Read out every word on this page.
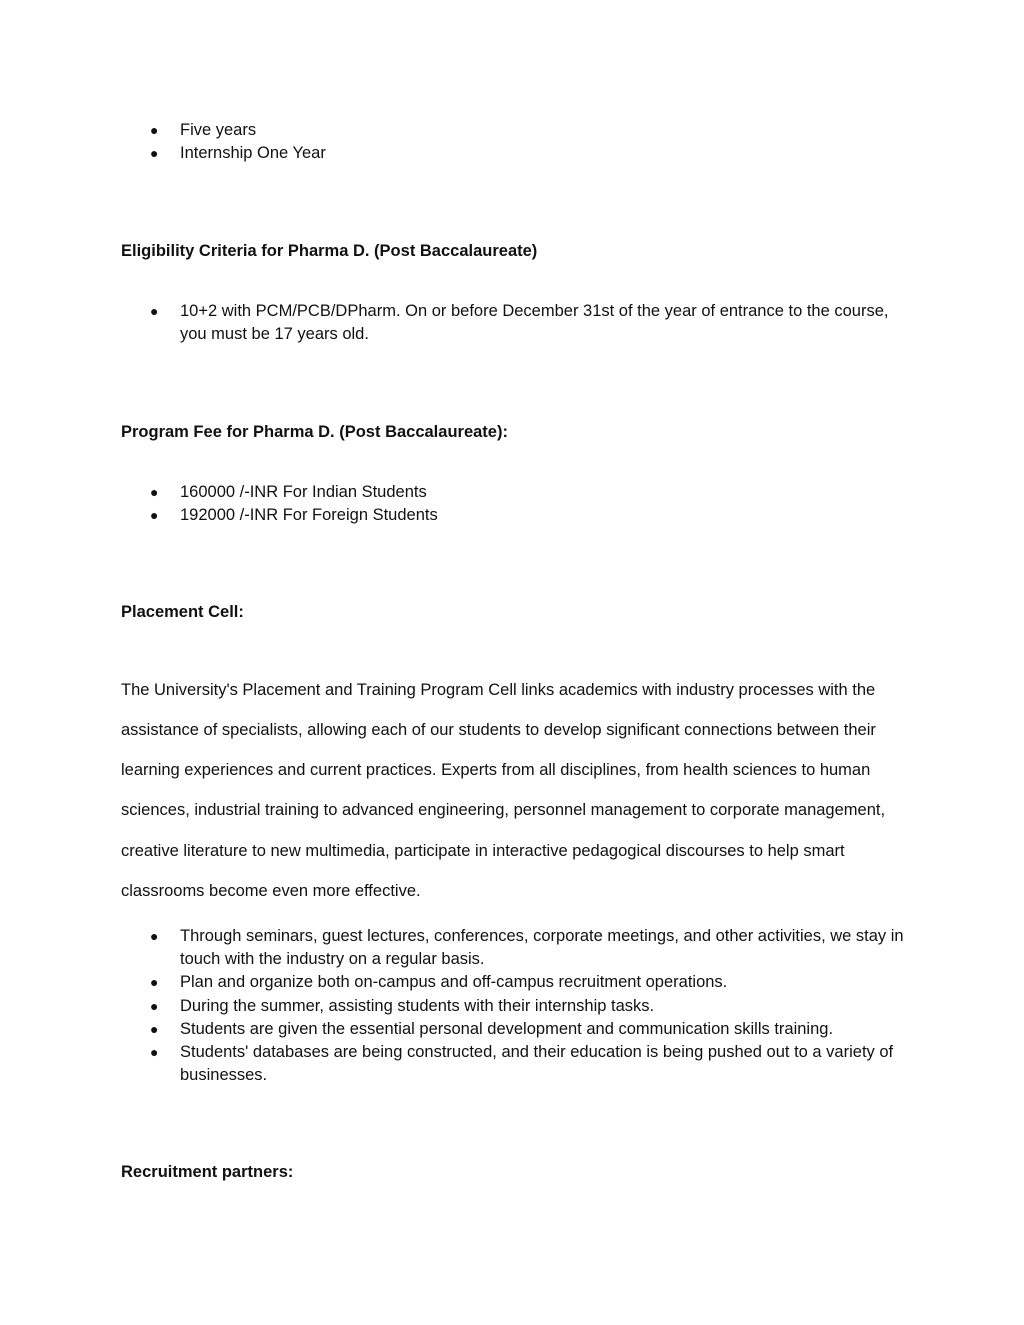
● Five years
● Internship One Year
Eligibility Criteria for Pharma D. (Post Baccalaureate)
● 10+2 with PCM/PCB/DPharm. On or before December 31st of the year of entrance to the course, you must be 17 years old.
Program Fee for Pharma D. (Post Baccalaureate):
● 160000 /-INR For Indian Students
● 192000 /-INR For Foreign Students
Placement Cell:

The University's Placement and Training Program Cell links academics with industry processes with the assistance of specialists, allowing each of our students to develop significant connections between their learning experiences and current practices. Experts from all disciplines, from health sciences to human sciences, industrial training to advanced engineering, personnel management to corporate management, creative literature to new multimedia, participate in interactive pedagogical discourses to help smart classrooms become even more effective.

● Through seminars, guest lectures, conferences, corporate meetings, and other activities, we stay in touch with the industry on a regular basis.
● Plan and organize both on-campus and off-campus recruitment operations.
● During the summer, assisting students with their internship tasks.
● Students are given the essential personal development and communication skills training.
● Students' databases are being constructed, and their education is being pushed out to a variety of businesses.
Recruitment partners:
